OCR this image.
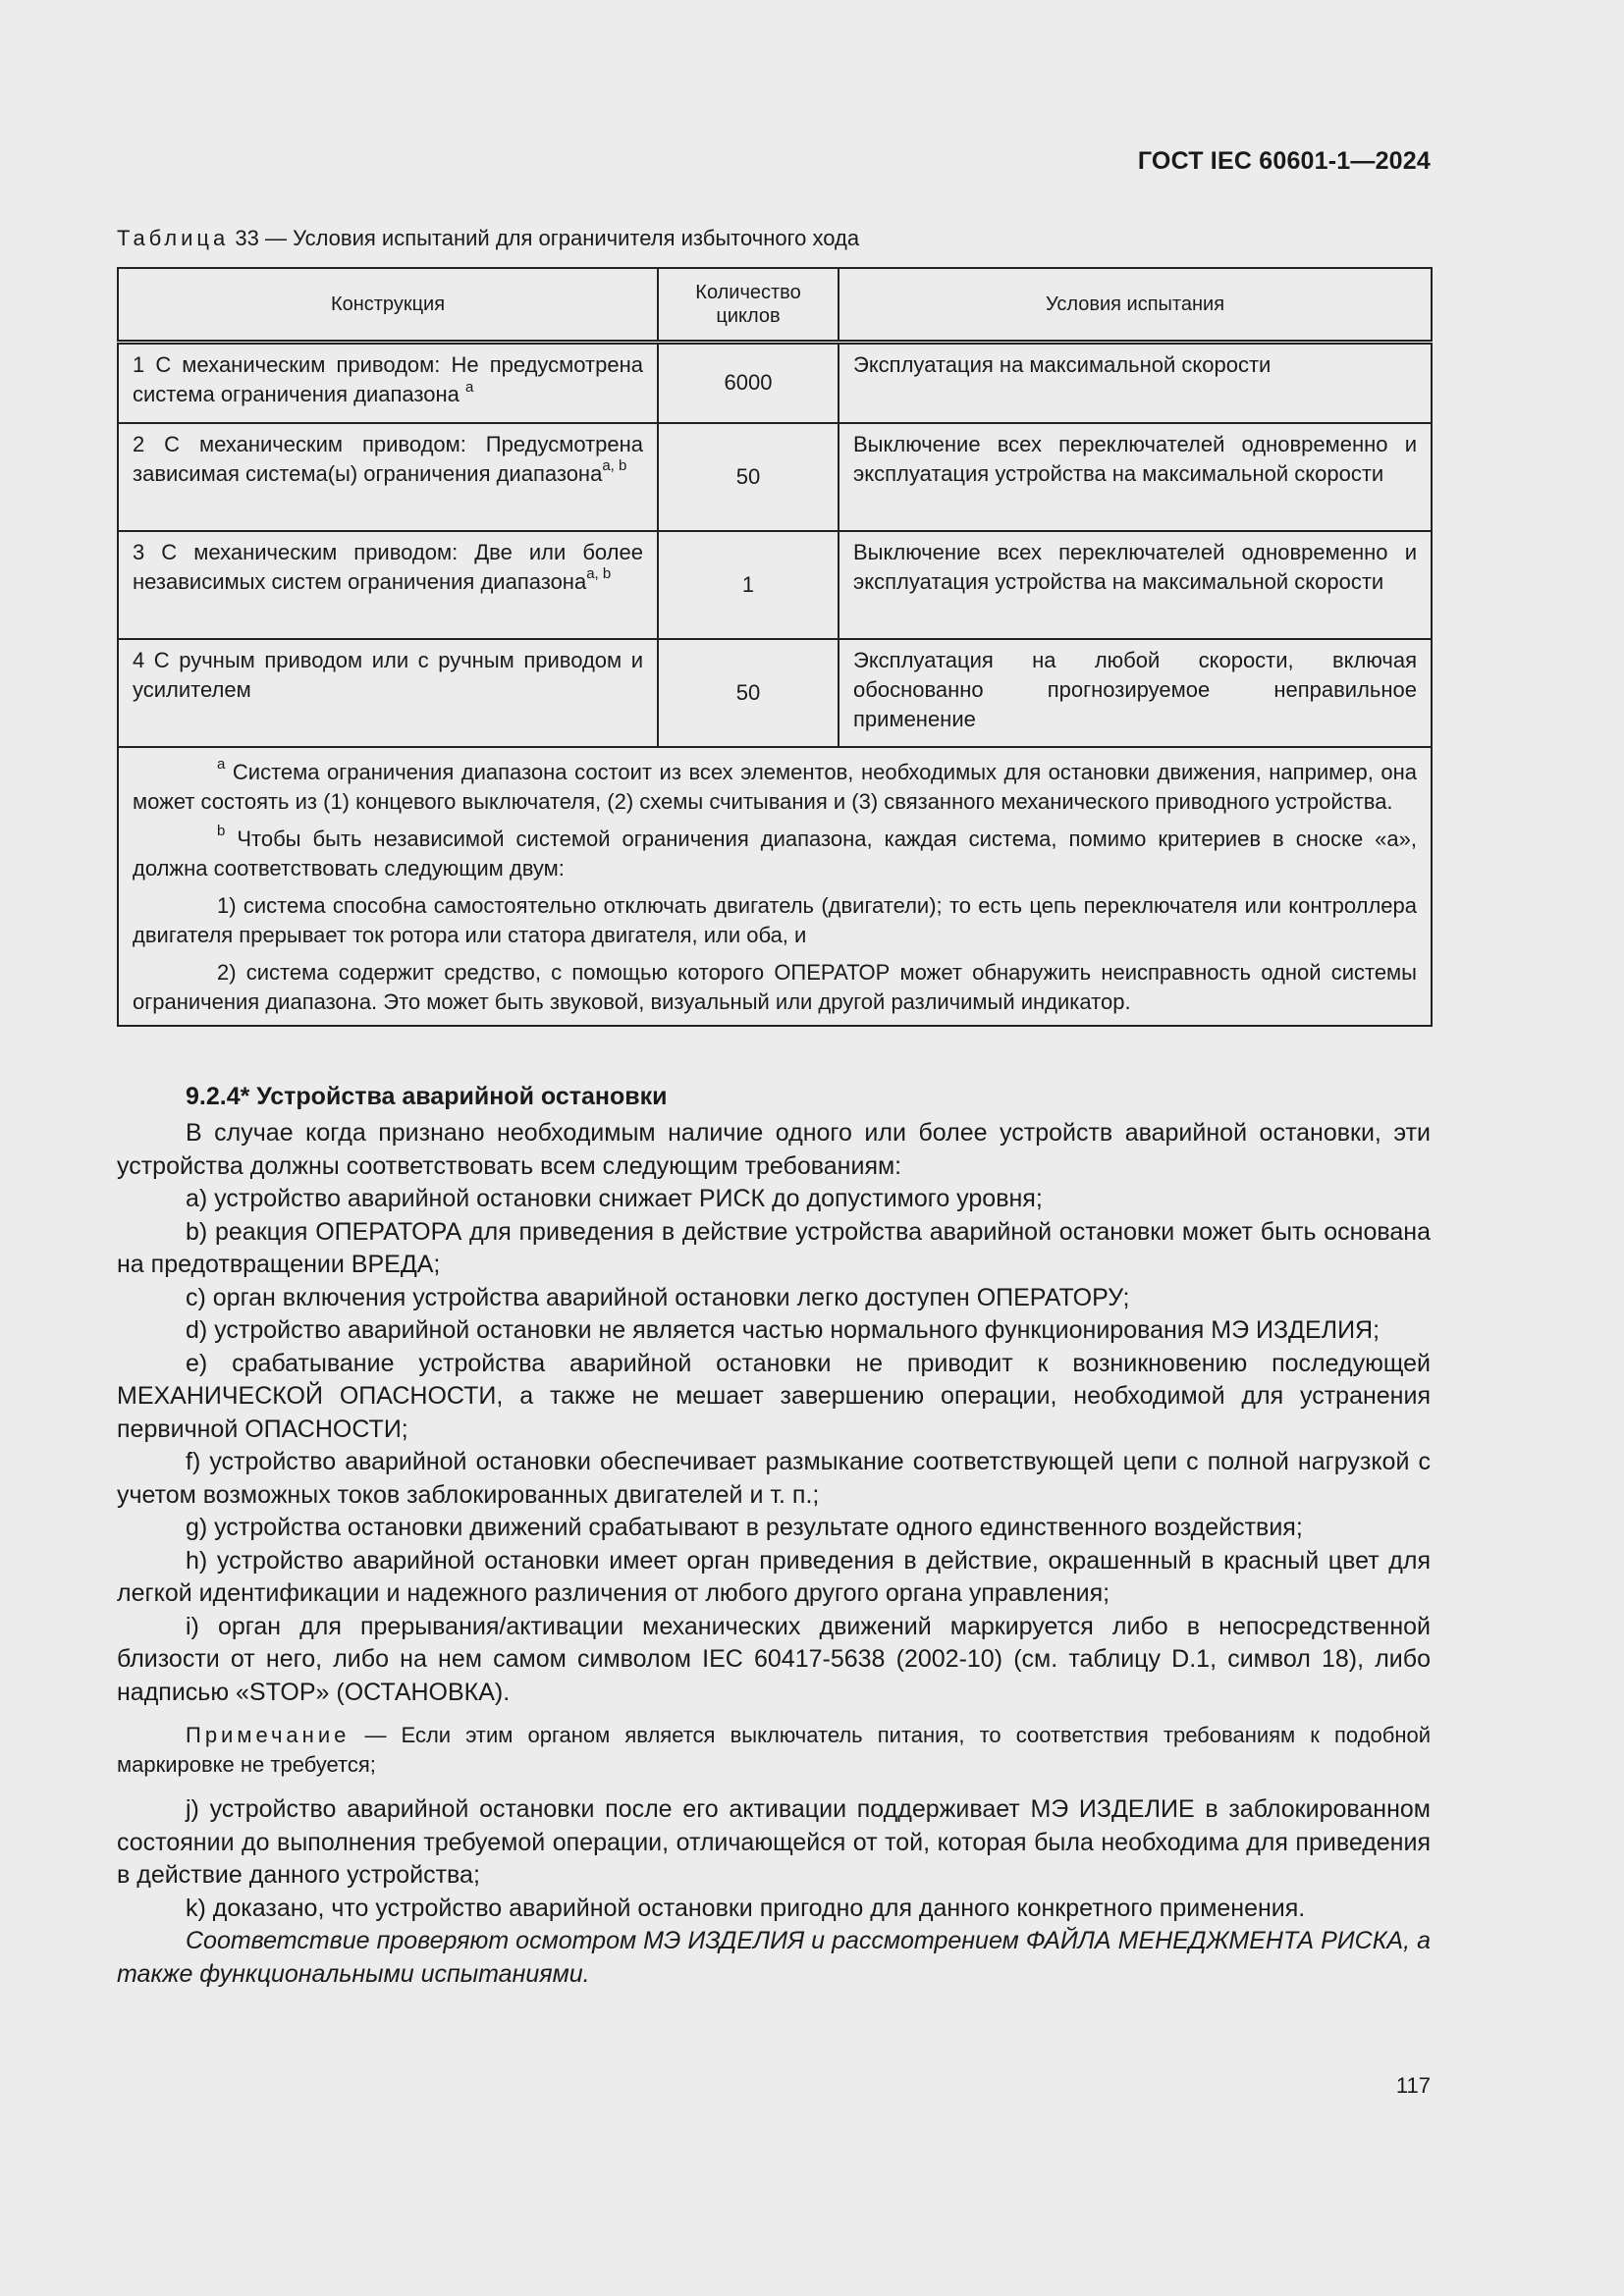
ГОСТ IEC 60601-1—2024
Таблица 33 — Условия испытаний для ограничителя избыточного хода
Конструкция	Количество циклов	Условия испытания
1 С механическим приводом: Не предусмотрена система ограничения диапазона $^a$	6000	Эксплуатация на максимальной скорости
2 С механическим приводом: Предусмотрена зависимая система(ы) ограничения диапазона$^{a, b}$	50	Выключение всех переключателей одновременно и эксплуатация устройства на максимальной скорости
3 С механическим приводом: Две или более независимых систем ограничения диапазона$^{a, b}$	1	Выключение всех переключателей одновременно и эксплуатация устройства на максимальной скорости
4 С ручным приводом или с ручным приводом и усилителем	50	Эксплуатация на любой скорости, включая обоснованно прогнозируемое неправильное применение

$^a$ Система ограничения диапазона состоит из всех элементов, необходимых для остановки движения, например, она может состоять из (1) концевого выключателя, (2) схемы считывания и (3) связанного механического приводного устройства.

$^b$ Чтобы быть независимой системой ограничения диапазона, каждая система, помимо критериев в сноске «а», должна соответствовать следующим двум:

1) система способна самостоятельно отключать двигатель (двигатели); то есть цепь переключателя или контроллера двигателя прерывает ток ротора или статора двигателя, или оба, и

2) система содержит средство, с помощью которого ОПЕРАТОР может обнаружить неисправность одной системы ограничения диапазона. Это может быть звуковой, визуальный или другой различимый индикатор.		

9.2.4* Устройства аварийной остановки

В случае когда признано необходимым наличие одного или более устройств аварийной остановки, эти устройства должны соответствовать всем следующим требованиям:

a) устройство аварийной остановки снижает РИСК до допустимого уровня;

b) реакция ОПЕРАТОРА для приведения в действие устройства аварийной остановки может быть основана на предотвращении ВРЕДА;

c) орган включения устройства аварийной остановки легко доступен ОПЕРАТОРУ;

d) устройство аварийной остановки не является частью нормального функционирования МЭ ИЗДЕЛИЯ;

e) срабатывание устройства аварийной остановки не приводит к возникновению последующей МЕХАНИЧЕСКОЙ ОПАСНОСТИ, а также не мешает завершению операции, необходимой для устранения первичной ОПАСНОСТИ;

f) устройство аварийной остановки обеспечивает размыкание соответствующей цепи с полной нагрузкой с учетом возможных токов заблокированных двигателей и т. п.;

g) устройства остановки движений срабатывают в результате одного единственного воздействия;

h) устройство аварийной остановки имеет орган приведения в действие, окрашенный в красный цвет для легкой идентификации и надежного различения от любого другого органа управления;

i) орган для прерывания/активации механических движений маркируется либо в непосредственной близости от него, либо на нем самом символом IEC 60417-5638 (2002-10) (см. таблицу D.1, символ 18), либо надписью «STOP» (ОСТАНОВКА).

Примечание — Если этим органом является выключатель питания, то соответствия требованиям к подобной маркировке не требуется;

j) устройство аварийной остановки после его активации поддерживает МЭ ИЗДЕЛИЕ в заблокированном состоянии до выполнения требуемой операции, отличающейся от той, которая была необходима для приведения в действие данного устройства;

k) доказано, что устройство аварийной остановки пригодно для данного конкретного применения.

Соответствие проверяют осмотром МЭ ИЗДЕЛИЯ и рассмотрением ФАЙЛА МЕНЕДЖМЕНТА РИСКА, а также функциональными испытаниями.

117
